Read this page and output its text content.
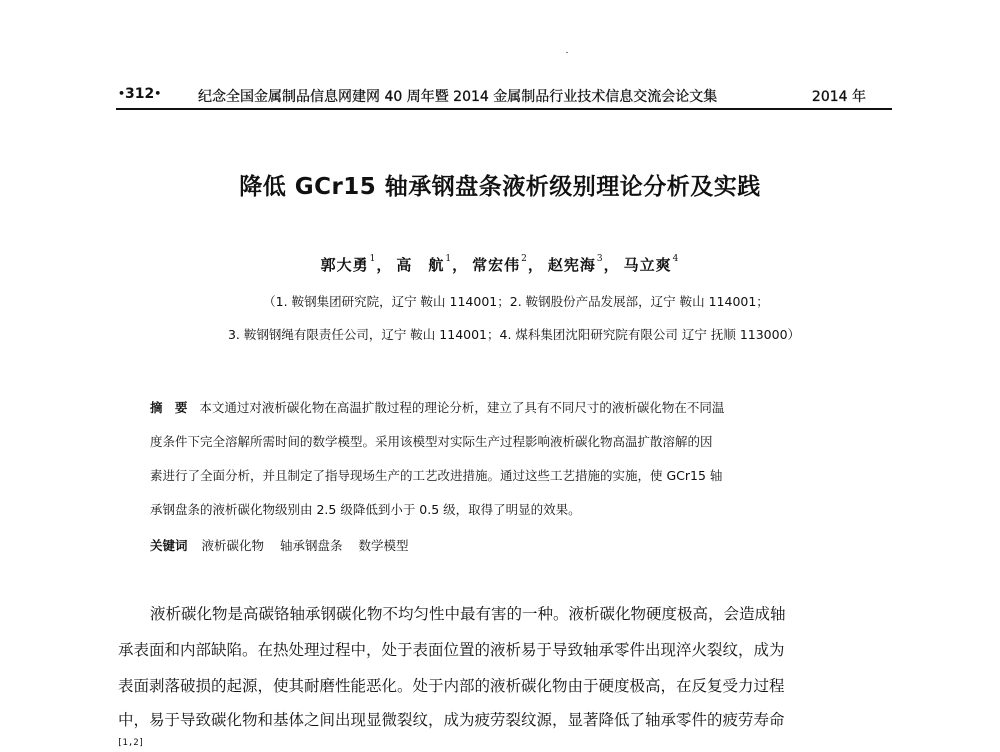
•312•	纪念全国金属制品信息网建网 40 周年暨 2014 金属制品行业技术信息交流会论文集	2014 年
降低 GCr15 轴承钢盘条液析级别理论分析及实践
郭大勇$^1$， 高　航$^1$， 常宏伟$^2$， 赵宪海$^3$， 马立爽$^4$
（1. 鞍钢集团研究院，辽宁 鞍山 114001；2. 鞍钢股份产品发展部，辽宁 鞍山 114001；
3. 鞍钢钢绳有限责任公司，辽宁 鞍山 114001；4. 煤科集团沈阳研究院有限公司 辽宁 抚顺 113000）
摘 要 本文通过对液析碳化物在高温扩散过程的理论分析，建立了具有不同尺寸的液析碳化物在不同温
度条件下完全溶解所需时间的数学模型。采用该模型对实际生产过程影响液析碳化物高温扩散溶解的因
素进行了全面分析，并且制定了指导现场生产的工艺改进措施。通过这些工艺措施的实施，使 GCr15 轴
承钢盘条的液析碳化物级别由 2.5 级降低到小于 0.5 级，取得了明显的效果。
关键词 液析碳化物 轴承钢盘条 数学模型
液析碳化物是高碳铬轴承钢碳化物不均匀性中最有害的一种。液析碳化物硬度极高，会造成轴
承表面和内部缺陷。在热处理过程中，处于表面位置的液析易于导致轴承零件出现淬火裂纹，成为
表面剥落破损的起源，使其耐磨性能恶化。处于内部的液析碳化物由于硬度极高，在反复受力过程
中，易于导致碳化物和基体之间出现显微裂纹，成为疲劳裂纹源，显著降低了轴承零件的疲劳寿命
[1,2]
